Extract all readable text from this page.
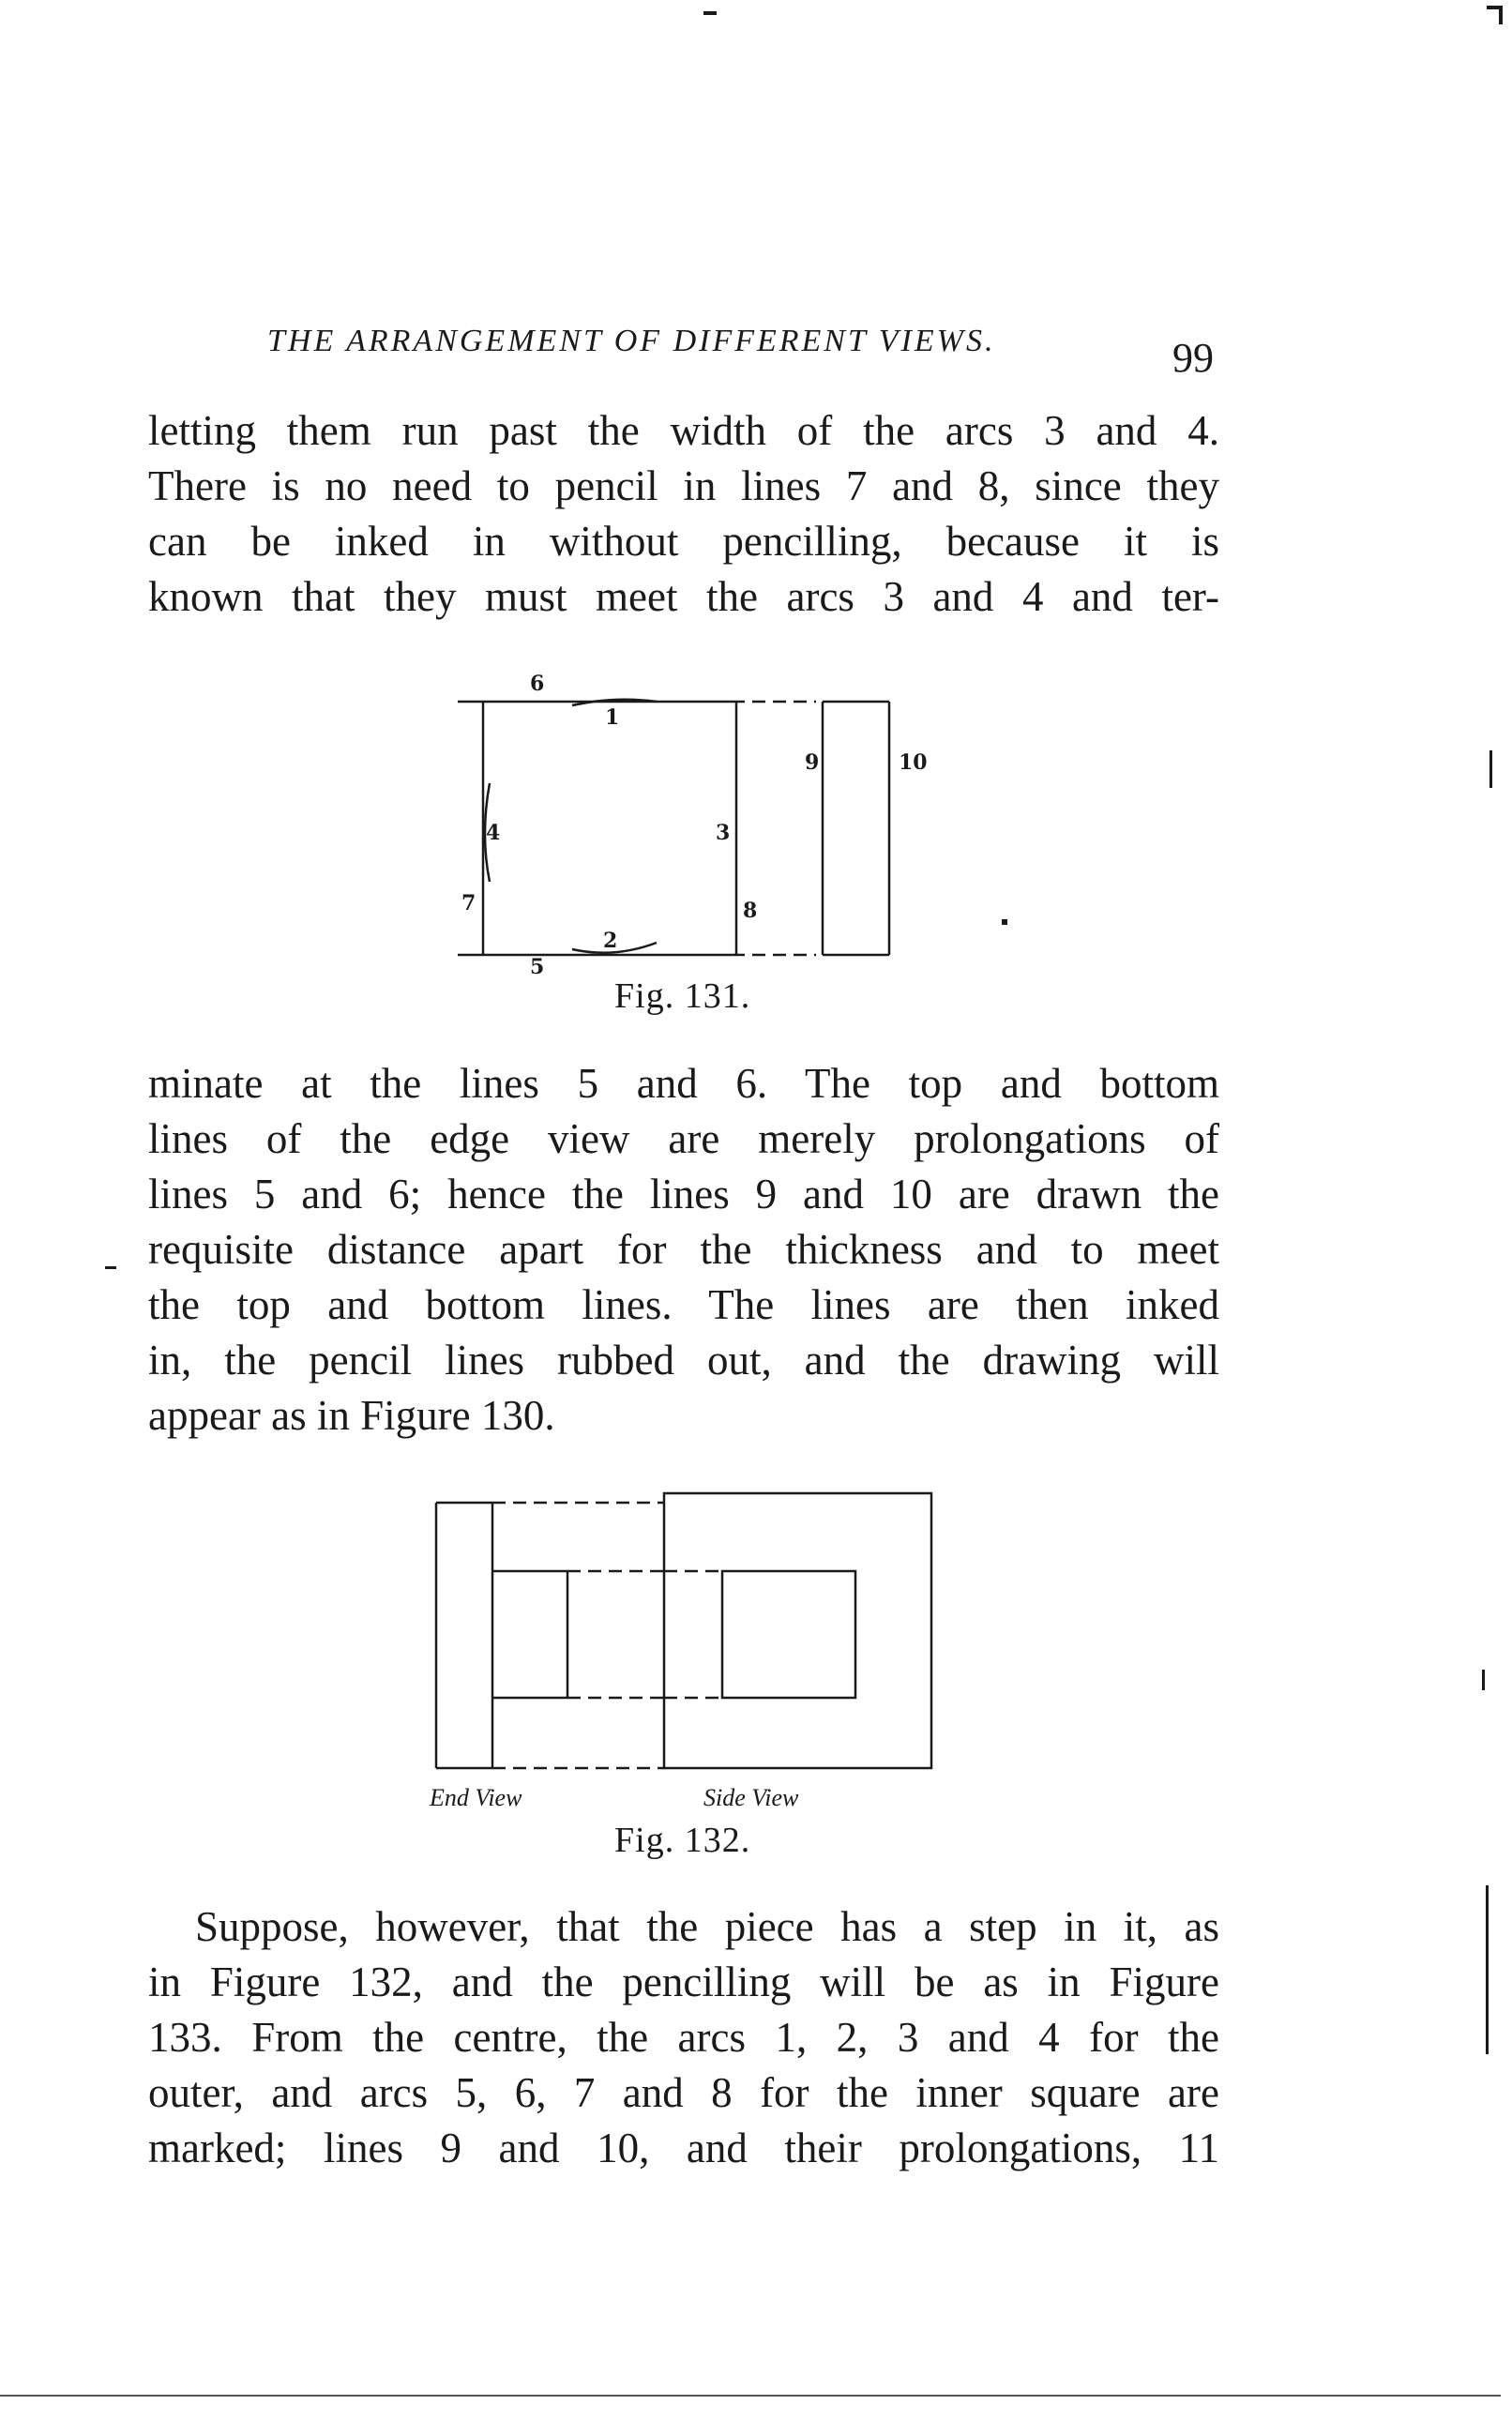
THE ARRANGEMENT OF DIFFERENT VIEWS.	99

letting them run past the width of the arcs 3 and 4.
There is no need to pencil in lines 7 and 8, since they
can be inked in without pencilling, because it is
known that they must meet the arcs 3 and 4 and ter-

6
1
9	10
4	3
7	8
2
5
Fig. 131.

minate at the lines 5 and 6. The top and bottom
lines of the edge view are merely prolongations of
lines 5 and 6; hence the lines 9 and 10 are drawn the
requisite distance apart for the thickness and to meet
the top and bottom lines. The lines are then inked
in, the pencil lines rubbed out, and the drawing will
appear as in Figure 130.

End View	Side View
Fig. 132.

Suppose, however, that the piece has a step in it, as
in Figure 132, and the pencilling will be as in Figure
133. From the centre, the arcs 1, 2, 3 and 4 for the
outer, and arcs 5, 6, 7 and 8 for the inner square are
marked; lines 9 and 10, and their prolongations, 11
